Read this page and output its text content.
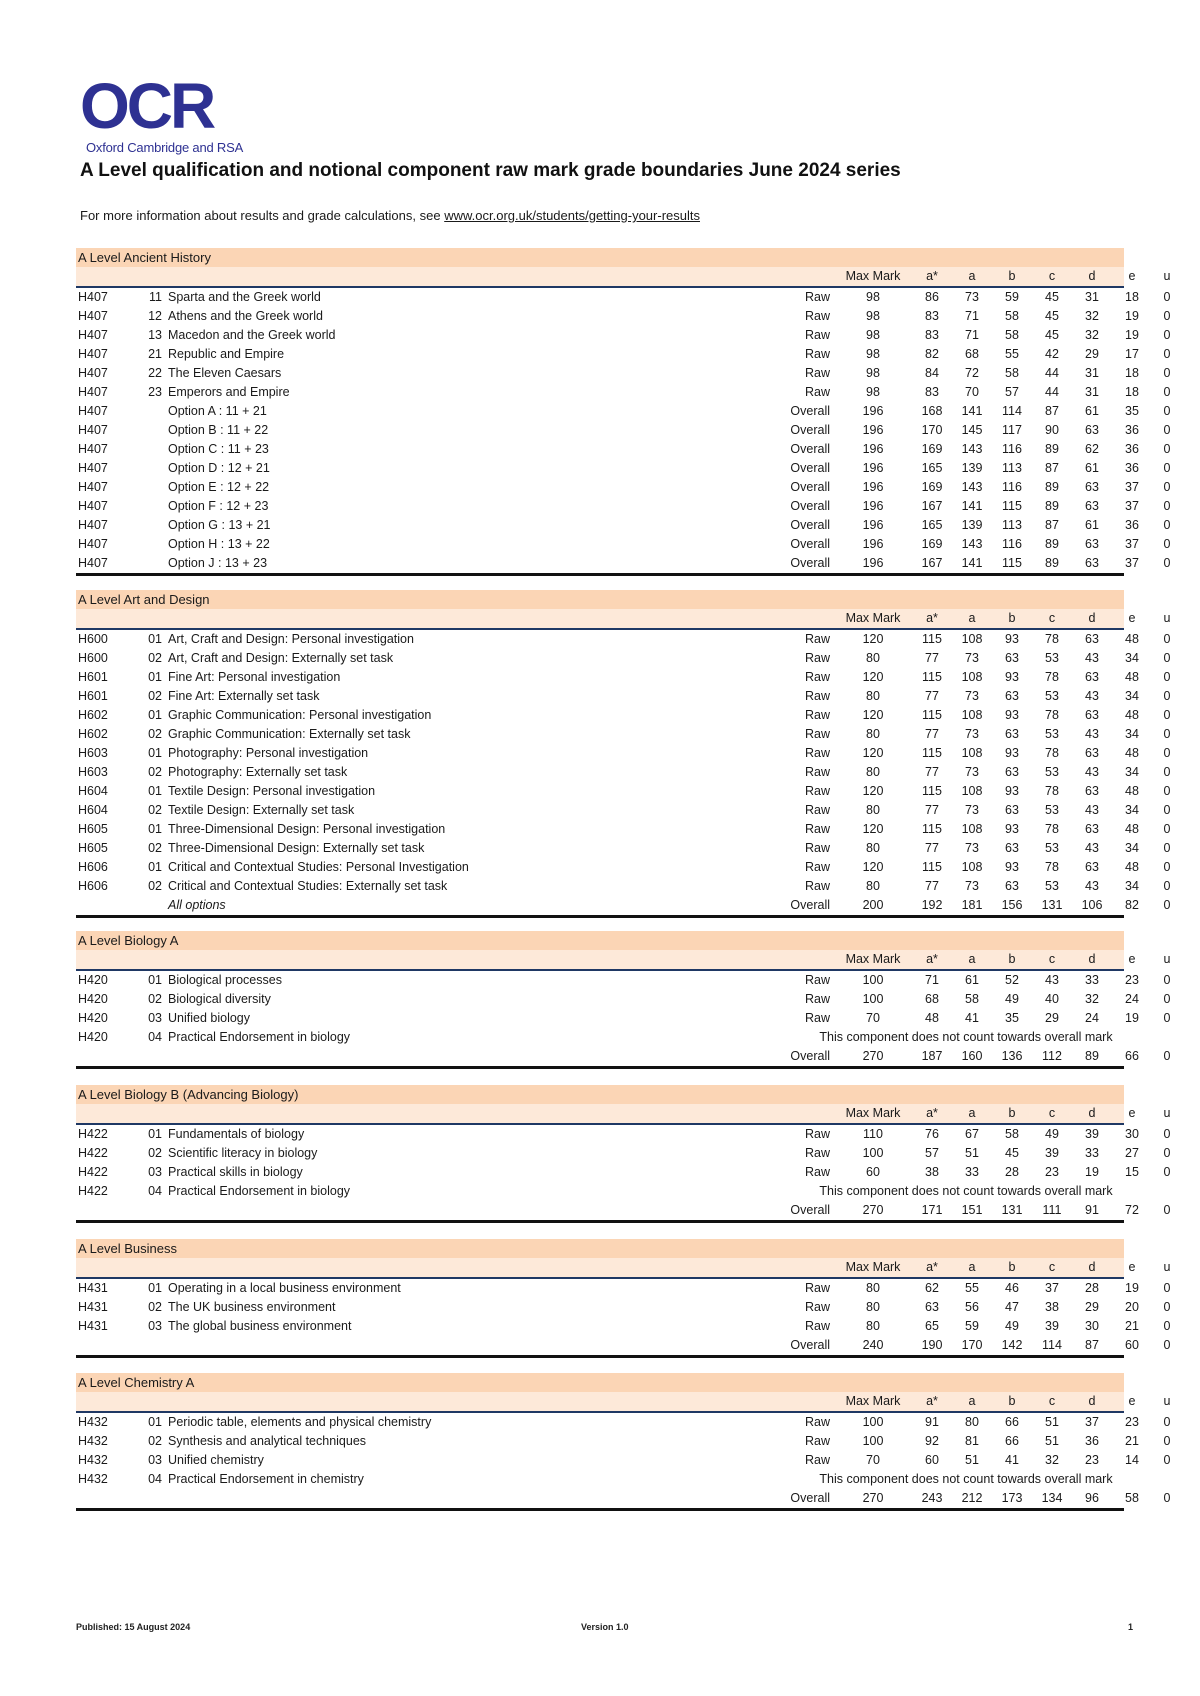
OCR
Oxford Cambridge and RSA
A Level qualification and notional component raw mark grade boundaries June 2024 series
For more information about results and grade calculations, see www.ocr.org.uk/students/getting-your-results
A Level Ancient History
Max Mark	a*	a	b	c	d	e	u
H407	11 Sparta and the Greek world	Raw	98	86	73	59	45	31	18	0
H407	12 Athens and the Greek world	Raw	98	83	71	58	45	32	19	0
H407	13 Macedon and the Greek world	Raw	98	83	71	58	45	32	19	0
H407	21 Republic and Empire	Raw	98	82	68	55	42	29	17	0
H407	22 The Eleven Caesars	Raw	98	84	72	58	44	31	18	0
H407	23 Emperors and Empire	Raw	98	83	70	57	44	31	18	0
H407	Option A : 11 + 21	Overall	196	168	141	114	87	61	35	0
H407	Option B : 11 + 22	Overall	196	170	145	117	90	63	36	0
H407	Option C : 11 + 23	Overall	196	169	143	116	89	62	36	0
H407	Option D : 12 + 21	Overall	196	165	139	113	87	61	36	0
H407	Option E : 12 + 22	Overall	196	169	143	116	89	63	37	0
H407	Option F : 12 + 23	Overall	196	167	141	115	89	63	37	0
H407	Option G : 13 + 21	Overall	196	165	139	113	87	61	36	0
H407	Option H : 13 + 22	Overall	196	169	143	116	89	63	37	0
H407	Option J : 13 + 23	Overall	196	167	141	115	89	63	37	0
A Level Art and Design
Max Mark	a*	a	b	c	d	e	u
H600	01 Art, Craft and Design: Personal investigation	Raw	120	115	108	93	78	63	48	0
H600	02 Art, Craft and Design: Externally set task	Raw	80	77	73	63	53	43	34	0
H601	01 Fine Art: Personal investigation	Raw	120	115	108	93	78	63	48	0
H601	02 Fine Art: Externally set task	Raw	80	77	73	63	53	43	34	0
H602	01 Graphic Communication: Personal investigation	Raw	120	115	108	93	78	63	48	0
H602	02 Graphic Communication: Externally set task	Raw	80	77	73	63	53	43	34	0
H603	01 Photography: Personal investigation	Raw	120	115	108	93	78	63	48	0
H603	02 Photography: Externally set task	Raw	80	77	73	63	53	43	34	0
H604	01 Textile Design: Personal investigation	Raw	120	115	108	93	78	63	48	0
H604	02 Textile Design: Externally set task	Raw	80	77	73	63	53	43	34	0
H605	01 Three-Dimensional Design: Personal investigation	Raw	120	115	108	93	78	63	48	0
H605	02 Three-Dimensional Design: Externally set task	Raw	80	77	73	63	53	43	34	0
H606	01 Critical and Contextual Studies: Personal Investigation	Raw	120	115	108	93	78	63	48	0
H606	02 Critical and Contextual Studies: Externally set task	Raw	80	77	73	63	53	43	34	0
All options	Overall	200	192	181	156	131	106	82	0
A Level Biology A
Max Mark	a*	a	b	c	d	e	u
H420	01 Biological processes	Raw	100	71	61	52	43	33	23	0
H420	02 Biological diversity	Raw	100	68	58	49	40	32	24	0
H420	03 Unified biology	Raw	70	48	41	35	29	24	19	0
H420	04 Practical Endorsement in biology	This component does not count towards overall mark
Overall	270	187	160	136	112	89	66	0
A Level Biology B (Advancing Biology)
Max Mark	a*	a	b	c	d	e	u
H422	01 Fundamentals of biology	Raw	110	76	67	58	49	39	30	0
H422	02 Scientific literacy in biology	Raw	100	57	51	45	39	33	27	0
H422	03 Practical skills in biology	Raw	60	38	33	28	23	19	15	0
H422	04 Practical Endorsement in biology	This component does not count towards overall mark
Overall	270	171	151	131	111	91	72	0
A Level Business
Max Mark	a*	a	b	c	d	e	u
H431	01 Operating in a local business environment	Raw	80	62	55	46	37	28	19	0
H431	02 The UK business environment	Raw	80	63	56	47	38	29	20	0
H431	03 The global business environment	Raw	80	65	59	49	39	30	21	0
Overall	240	190	170	142	114	87	60	0
A Level Chemistry A
Max Mark	a*	a	b	c	d	e	u
H432	01 Periodic table, elements and physical chemistry	Raw	100	91	80	66	51	37	23	0
H432	02 Synthesis and analytical techniques	Raw	100	92	81	66	51	36	21	0
H432	03 Unified chemistry	Raw	70	60	51	41	32	23	14	0
H432	04 Practical Endorsement in chemistry	This component does not count towards overall mark
Overall	270	243	212	173	134	96	58	0
Published: 15 August 2024	Version 1.0	1
